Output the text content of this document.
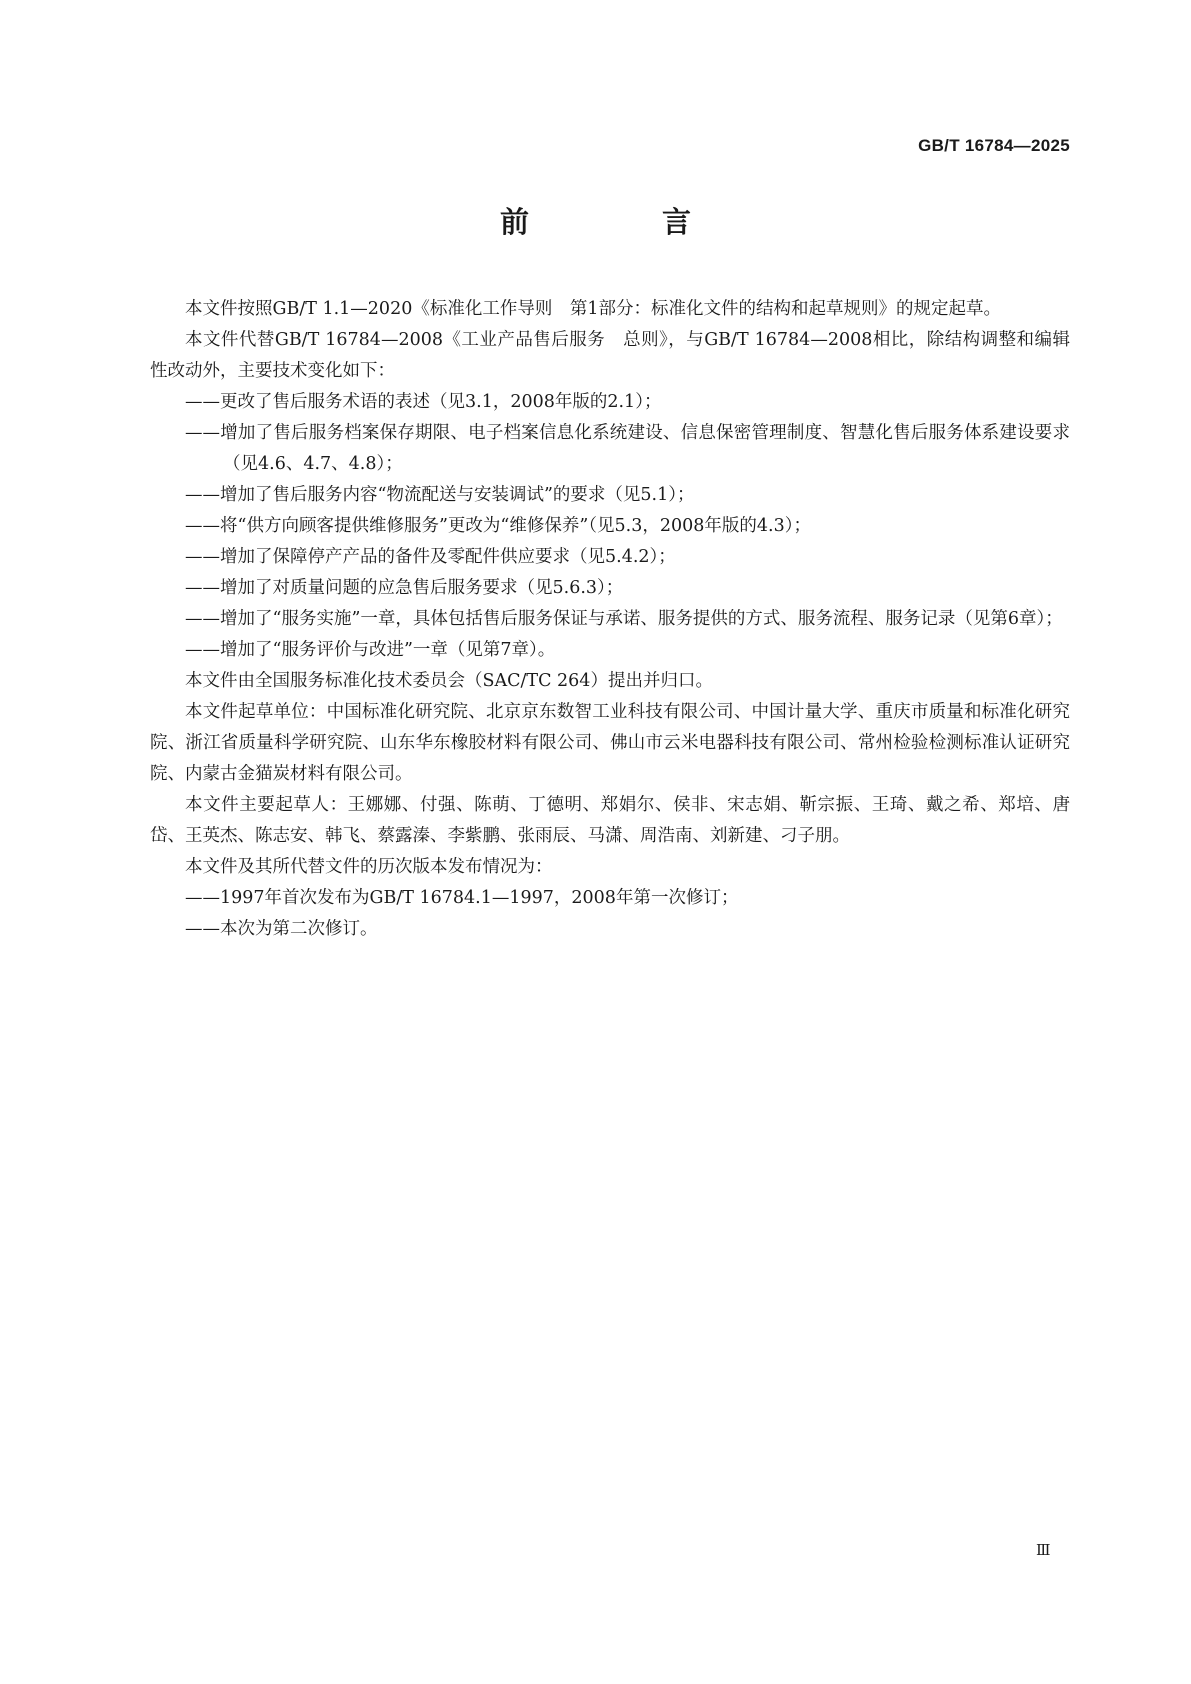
GB/T 16784—2025
前　言

本文件按照GB/T 1.1—2020《标准化工作导则　第1部分：标准化文件的结构和起草规则》的规定起草。

本文件代替GB/T 16784—2008《工业产品售后服务　总则》，与GB/T 16784—2008相比，除结构调整和编辑性改动外，主要技术变化如下：

——更改了售后服务术语的表述（见3.1，2008年版的2.1）；

——增加了售后服务档案保存期限、电子档案信息化系统建设、信息保密管理制度、智慧化售后服务体系建设要求（见4.6、4.7、4.8）；

——增加了售后服务内容“物流配送与安装调试”的要求（见5.1）；

——将“供方向顾客提供维修服务”更改为“维修保养”（见5.3，2008年版的4.3）；

——增加了保障停产产品的备件及零配件供应要求（见5.4.2）；

——增加了对质量问题的应急售后服务要求（见5.6.3）；

——增加了“服务实施”一章，具体包括售后服务保证与承诺、服务提供的方式、服务流程、服务记录（见第6章）；

——增加了“服务评价与改进”一章（见第7章）。

本文件由全国服务标准化技术委员会（SAC/TC 264）提出并归口。

本文件起草单位：中国标准化研究院、北京京东数智工业科技有限公司、中国计量大学、重庆市质量和标准化研究院、浙江省质量科学研究院、山东华东橡胶材料有限公司、佛山市云米电器科技有限公司、常州检验检测标准认证研究院、内蒙古金猫炭材料有限公司。

本文件主要起草人：王娜娜、付强、陈萌、丁德明、郑娟尔、侯非、宋志娟、靳宗振、王琦、戴之希、郑培、唐岱、王英杰、陈志安、韩飞、蔡露溱、李紫鹏、张雨辰、马潇、周浩南、刘新建、刁子朋。

本文件及其所代替文件的历次版本发布情况为：

——1997年首次发布为GB/T 16784.1—1997，2008年第一次修订；

——本次为第二次修订。

Ⅲ
